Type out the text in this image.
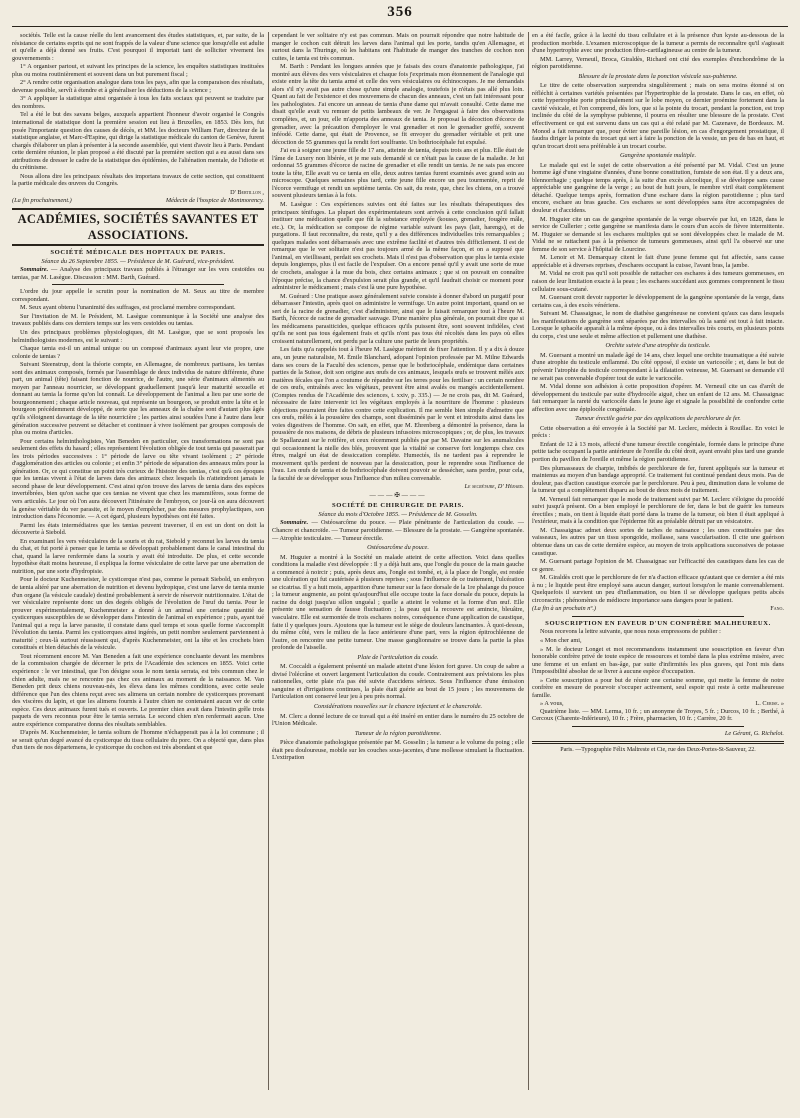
356

sociétés. Telle est la cause réelle du lent avancement des études statistiques, et, par suite, de la résistance de certains esprits qui ne sont frappés de la valeur d'une science que lorsqu'elle est adulte et qu'elle a déjà donné ses fruits. C'est pourquoi il importait tant de solliciter vivement les gouvernements :

1° A organiser partout, et suivant les principes de la science, les enquêtes statistiques instituées plus ou moins routinièrement et souvent dans un but purement fiscal ;

2° A rendre cette organisation analogue dans tous les pays, afin que la comparaison des résultats, devenue possible, servît à étendre et à généraliser les déductions de la science ;

3° A appliquer la statistique ainsi organisée à tous les faits sociaux qui peuvent se traduire par des nombres.

Tel a été le but des savans belges, auxquels appartient l'honneur d'avoir organisé le Congrès international de statistique dont la première session eut lieu à Bruxelles, en 1853. Dès lors, fut posée l'importante question des causes de décès, et MM. les docteurs William Farr, directeur de la statistique anglaise, et Marc-d'Espine, qui dirige la statistique médicale du canton de Genève, furent chargés d'élaborer un plan à présenter à la seconde assemblée, qui vient d'avoir lieu à Paris. Pendant cette dernière réunion, le plan proposé a été discuté par la première section qui a eu aussi dans ses attributions de dresser le cadre de la statistique des épidémies, de l'aliénation mentale, de l'idiotie et du crétinisme.

Nous allons dire les principaux résultats des importans travaux de cette section, qui constituent la partie médicale des œuvres du Congrès.

D' Bertillon ,

(La fin prochainement.)	Médecin de l'hospice de Montmorency.
ACADÉMIES, SOCIÉTÉS SAVANTES ET ASSOCIATIONS.
SOCIÉTÉ MÉDICALE DES HOPITAUX DE PARIS.
Séance du 26 Septembre 1855. — Présidence de M. Guérard, vice-président.

Sommaire. — Analyse des principaux travaux publiés à l'étranger sur les vers cestoïdes ou tænias, par M. Lasègue. Discussion : MM. Barth, Guérard.

L'ordre du jour appelle le scrutin pour la nomination de M. Seux au titre de membre correspondant.

M. Seux ayant obtenu l'unanimité des suffrages, est proclamé membre correspondant.

Sur l'invitation de M. le Président, M. Lasègue communique à la Société une analyse des travaux publiés dans ces derniers temps sur les vers cestoïdes ou tænias.

Un des principaux problèmes physiologiques, dit M. Lasègue, que se sont proposés les helminthologistes modernes, est le suivant :

Chaque tænia est-il un animal unique ou un composé d'animaux ayant leur vie propre, une colonie de tænias ?

Suivant Steenstrup, dont la théorie compte, en Allemagne, de nombreux partisans, les tænias sont des animaux composés, formés par l'assemblage de deux individus de nature différente, d'une part, un animal (tête) faisant fonction de nourrice, de l'autre, une série d'animaux alimentés au moyen par l'anneau nourricier, se développant graduellement jusqu'à leur maturité sexuelle et donnant au tænia la forme qu'on lui connaît. Le développement de l'animal a lieu par une sorte de bourgeonnement ; chaque article nouveau, qui représente un bourgeon, se produit entre la tête et le bourgeon précédemment développé, de sorte que les anneaux de la chaîne sont d'autant plus âgés qu'ils s'éloignent davantage de la tête nourricière ; les parties ainsi soudées l'une à l'autre dans leur génération successive peuvent se détacher et continuer à vivre isolément par groupes composés de plus ou moins d'articles.

Pour certains helminthologistes, Van Beneden en particulier, ces transformations ne sont pas seulement des effets du hasard ; elles représentent l'évolution obligée de tout tænia qui passerait par les trois périodes successives : 1° période de larve ou tête vivant isolément ; 2° période d'agglomération des articles ou colonie ; et enfin 3° période de séparation des anneaux mûrs pour la génération. Or, ce qui constitue un point très curieux de l'histoire des tænias, c'est qu'à ces époques que les tænias vivent à l'état de larves dans des animaux chez lesquels ils n'atteindront jamais le second phase de leur développement. C'est ainsi qu'on trouve des larves de tænia dans des espèces invertébrées, bien qu'on sache que ces tænias ne vivent que chez les mammifères, sous forme de vers articulés. Le jour où l'on aura découvert l'itinéraire de l'embryon, ce jour-là on aura découvert la genèse véritable du ver parasite, et le moyen d'empêcher, par des mesures prophylactiques, son introduction dans l'économie. — A cet égard, plusieurs hypothèses ont été faites.

Parmi les états intermédiaires que les tænias peuvent traverser, il en est un dont on doit la découverte à Siebold.

En examinant les vers vésiculaires de la souris et du rat, Siebold y reconnut les larves du tænia du chat, et fut porté à penser que le tænia se développait probablement dans le canal intestinal du chat, quand la larve renfermée dans la souris y avait été introduite. De plus, et cette seconde hypothèse était moins heureuse, il expliqua la forme vésiculaire de cette larve par une aberration de nutrition, par une sorte d'hydropisie.

Pour le docteur Kuchenmeister, le cysticerque n'est pas, comme le pensait Siebold, un embryon de tænia altéré par une aberration de nutrition et devenu hydropique, c'est une larve de tænia munie d'un organe (la vésicule caudale) destiné probablement à servir de réservoir nutritionnaire. L'état de ver vésiculaire représente donc un des degrés obligés de l'évolution de l'œuf du tænia. Pour le prouver expérimentalement, Kuchenmeister a donné à un animal une certaine quantité de cysticerques susceptibles de se développer dans l'intestin de l'animal en expérience ; puis, ayant tué l'animal qui a reçu la larve parasite, il constate dans quel temps et sous quelle forme s'accomplit l'évolution du tænia. Parmi les cysticerques ainsi ingérés, un petit nombre seulement parviennent à maturité ; ceux-là surtout réussissent qui, d'après Kuchenmeister, ont la tête et les crochets bien constitués et bien détachés de la vésicule.

Tout récemment encore M. Van Beneden a fait une expérience concluante devant les membres de la commission chargée de décerner le prix de l'Académie des sciences en 1855. Voici cette expérience : le ver intestinal, que l'on désigne sous le nom tænia serrata, est très commun chez le chien adulte, mais ne se rencontre pas chez ces animaux au moment de la naissance. M. Van Beneden prit deux chiens nouveau-nés, les éleva dans les mêmes conditions, avec cette seule différence que l'un des chiens reçut avec ses alimens un certain nombre de cysticerques provenant des viscères du lapin, et que les alimens fournis à l'autre chien ne contenaient aucun ver de cette espèce. Ces deux animaux furent tués et ouverts. Le premier chien avait dans l'intestin grêle trois paquets de vers reconnus pour être le tænia serrata. Le second chien n'en renfermait aucun. Une autre expérience comparative donna des résultats semblables.

D'après M. Kuchenmeister, le tænia solium de l'homme n'échapperait pas à la loi commune ; il se serait qu'un degré avancé du cysticerque du tissu cellulaire du porc. On a objecté que, dans plus d'un tiers de nos départemens, le cysticerque du cochon est très abondant et que

cependant le ver solitaire n'y est pas commun. Mais on pourrait répondre que notre habitude de manger le cochon cuit détruit les larves dans l'animal qui les porte, tandis qu'en Allemagne, et surtout dans la Thuringe, où les habitans ont l'habitude de manger des tranches de cochon non cuites, le tænia est très commun.

M. Barth : Pendant les longues années que je faisais des cours d'anatomie pathologique, j'ai montré aux élèves des vers vésiculaires et chaque fois j'exprimais mon étonnement de l'analogie qui existe entre la tête du tænia armé et celle des vers vésiculaires ou échinocoques. Je me demandais alors s'il n'y avait pas autre chose qu'une simple analogie, toutefois je n'étais pas allé plus loin. Quant au fait de l'existence et des mouvemens de chacun des anneaux, c'est un fait intéressant pour les pathologistes. J'ai encore un anneau de tænia d'une dame qui m'avait consulté. Cette dame me disait qu'elle avait vu remuer de petits lambeaux de ver. Je l'engageai à faire des observations complètes, et, un jour, elle m'apporta des anneaux de tænia. Je proposai la décoction d'écorce de grenadier, avec la précaution d'employer le vrai grenadier et non le grenadier greffé, souvent inféodé. Cette dame, qui était de Provence, se fit envoyer du grenadier véritable et prit une décoction de 55 grammes qui la rendit fort soulfrante. Un bothriocéphale fut expulsé.

J'ai eu à soigner une jeune fille de 17 ans, atteinte de tænia, depuis trois ans et plus. Elle était de l'âme de Luxery non libérée, et je me suis demandé si ce n'était pas la cause de la maladie. Je lui ordonnai 55 grammes d'écorce de racine de grenadier et elle rendit un tænia. Je ne sais pas encore toute la tête, Elle avait vu ce tænia en elle, deux autres tænias furent examinés avec grand soin au microscope. Quelques semaines plus tard, cette jeune fille encore un peu tourmentée, reprit de l'écorce vermifuge et rendit un septième tænia. On sait, du reste, que, chez les chiens, on a trouvé souvent plusieurs tænias à la fois.

M. Lasègue : Ces expériences suivies ont été faites sur les résultats thérapeutiques des principaux ténifuges. La plupart des expérimentateurs sont arrivés à cette conclusion qu'il fallait instituer une médication quelle que fût la substance employée (kousso, grenadier, fougère mâle, etc.). Or, la médication se compose de régime variable suivant les pays (lait, harengs), et de purgations. Il faut reconnaître, du reste, qu'il y a des différences individuelles très remarquables ; quelques malades sont débarrassés avec une extrême facilité et d'autres très difficilement. Il est de remarque que le ver solitaire n'est pas toujours armé de la même façon, et on a supposé que l'animal, en vieillissant, perdait ses crochets. Mais il n'est pas d'observation que plus le tænia existe depuis longtemps, plus il est facile de l'expulser. On a encore pensé qu'il y avait une sorte de mue de crochets, analogue à la mue du bois, chez certains animaux ; que si on pouvait en connaître l'époque précise, la chance d'expulsion serait plus grande, et qu'il faudrait choisir ce moment pour administrer le médicament ; mais c'est là une pure hypothèse.

M. Guérard : Une pratique assez généralement suivie consiste à donner d'abord un purgatif pour débarrasser l'intestin, après quoi on administre le vermifuge. Un autre point important, quand on se sert de la racine de grenadier, c'est d'administrer, ainsi que le faisait remarquer tout à l'heure M. Barth, l'écorce de racine de grenadier sauvage. D'une manière plus générale, on pourrait dire que si les médicamens parasiticides, quelque efficaces qu'ils puissent être, sont souvent infidèles, c'est qu'ils ne sont pas tous également frais et qu'ils n'ont pas tous été récoltés dans les pays où elles croissent naturellement, ont perdu par la culture une partie de leurs propriétés.

Les faits qu'a rappelés tout à l'heure M. Lasègue méritent de fixer l'attention. Il y a dix à douze ans, un jeune naturaliste, M. Émile Blanchard, adopant l'opinion professée par M. Milne Edwards dans ses cours de la Faculté des sciences, pense que le bothriocéphale, endémique dans certaines parties de la Suisse, doit son origine aux œufs de ces animaux, lesquels œufs se trouvent mêlés aux matières fécales que l'on a coutume de répandre sur les terres pour les fertiliser : un certain nombre de ces œufs, entraînés avec les végétaux, peuvent être ainsi avalés ou mangés accidentellement. (Comptes rendus de l'Académie des sciences, t. xxiv, p. 335.) — Je ne crois pas, dit M. Guérard, nécessaire de faire intervenir ici les végétaux employés à la nourriture de l'homme : plusieurs objections pourraient être faites contre cette explication. Il me semble bien simple d'admettre que ces œufs, mêlés à la poussière des champs, sont disséminés par le vent et introduits ainsi dans les voies digestives de l'homme. On sait, en effet, que M. Ehrenberg a démontré la présence, dans la poussière de nos maisons, de débris de plusieurs infusoires microscopiques ; or, de plus, les travaux de Spallanzani sur le rotifère, et ceux récemment publiés par par M. Davaine sur les anumalcules qui occasionnent la nielle des blés, prouvent que la vitalité se conserve fort longtemps chez ces êtres, malgré un état de dessiccation complète. Humectés, ils ne tardent pas à reprendre le mouvement qu'ils perdent de nouveau par la dessiccation, pour le reprendre sous l'influence de l'eau. Les œufs de tænia et de bothriocéphale doivent pouvoir se dessécher, sans perdre, pour cela, la faculté de se développer sous l'influence d'un milieu convenable.

Le secrétaire, D' Hérard.

———✠———
SOCIÉTÉ DE CHIRURGIE DE PARIS.
Séance du mois d'Octobre 1855. — Présidence de M. Gosselin.

Sommaire. — Ostéosarcôme du pouce. — Plaie pénétrante de l'articulation du coude. — Chancre et chancroïde. — Tumeur parotidienne. — Blessure de la prostate. — Gangrène spontanée. — Atrophie testiculaire. — Tumeur érectile.

Ostéosarcôme du pouce.

M. Huguier a montré à la Société un malade atteint de cette affection. Voici dans quelles conditions la maladie s'est développée : Il y a déjà huit ans, que l'ongle du pouce de la main gauche a commencé à noircir ; puis, après deux ans, l'ongle est tombé, et, à la place de l'ongle, est restée une ulcération qui fut cautérisée à plusieurs reprises ; sous l'influence de ce traitement, l'ulcération se cicatrisa. Il y a huit mois, apparition d'une tumeur sur la face dorsale de la 1re phalange du pouce ; la tumeur augmente, au point qu'aujourd'hui elle occupe toute la face dorsale du pouce, depuis la racine du doigt jusqu'au sillon unguéal ; quelle a atteint le volume et la forme d'un œuf. Elle présente une sensation de fausse fluctuation ; la peau qui la recouvre est amincie, bleuâtre, vasculaire. Elle est surmontée de trois eschares noires, conséquence d'une application de caustique, faite il y quelques jours. Ajoutons que la tumeur est le siège de douleurs lancinantes. À quoi-dessus, du même côté, vers le milieu de la face antérieure d'une part, vers la région épitrochléenne de l'autre, on rencontre une petite tumeur. Une masse ganglionnaire se trouve dans la partie la plus profonde de l'aisselle.

Plaie de l'articulation du coude.

M. Coccaldi a également présenté un malade atteint d'une lésion fort grave. Un coup de sabre a divisé l'olécrâne et ouvert largement l'articulation du coude. Contrairement aux prévisions les plus rationnelles, cette plaie n'a pas été suivie d'accidens sérieux. Sous l'influence d'une émission sanguine et d'irrigations continues, la plaie était guérie au bout de 15 jours ; les mouvemens de l'articulation ont conservé leur jeu à peu près normal.

Considérations nouvelles sur le chancre infectant et le chancroïde.

M. Clerc a donné lecture de ce travail qui a été inséré en entier dans le numéro du 25 octobre de l'Union Médicale.

Tumeur de la région parotidienne.

Pièce d'anatomie pathologique présentée par M. Gosselin ; la tumeur a le volume du poing ; elle était peu douloureuse, mobile sur les couches sous-jacentes, d'une mollesse simulant la fluctuation. L'extirpation

en a été facile, grâce à la laxité du tissu cellulaire et à la présence d'un kyste au-dessous de la production morbide. L'examen microscopique de la tumeur a permis de reconnaître qu'il s'agissait d'une hypertrophie avec une production fibro-cartilagineuse au centre de la tumeur.

MM. Larrey, Verneuil, Broca, Giraldès, Richard ont cité des exemples d'enchondrôme de la région parotidienne.

Blessure de la prostate dans la ponction vésicale sus-pubienne.

Le titre de cette observation surprendra singulièrement ; mais on sera moins étonné si on réfléchit à certaines variétés présentées par l'hypertrophie de la prostate. Dans le cas, en effet, où cette hypertrophie porte principalement sur le lobe moyen, ce dernier proémine fortement dans la cavité vésicale, et l'on comprend, dès lors, que si la pointe du trocart, pendant la ponction, est trop inclinée du côté de la symphyse pubienne, il pourra en résulter une blessure de la prostate. C'est effectivement ce qui est survenu dans un cas qui a été relaté par M. Cazenave, de Bordeaux. M. Monod a fait remarquer que, pour éviter une pareille lésion, en cas d'engorgement prostatique, il faudra diriger la pointe du trocart qui sert à faire la ponction de la vessie, un peu de bas en haut, et qu'un trocart droit sera préférable à un trocart courbe.

Gangrène spontanée multiple.

Le malade qui est le sujet de cette observation a été présenté par M. Vidal. C'est un jeune homme âgé d'une vingtaine d'années, d'une bonne constitution, fumiste de son état. Il y a deux ans, blennorrhagie ; quelque temps après, à la suite d'un excès alcoolique, il se développe sans cause appréciable une gangrène de la verge ; au bout de huit jours, le membre viril était complètement détaché. Quelque temps après, formation d'une eschare dans la région parotidienne ; plus tard encore, eschare au bras gauche. Ces eschares se sont développées sans être accompagnées de douleur et d'accidens.

M. Huguier cite un cas de gangrène spontanée de la verge observée par lui, en 1828, dans le service de Cullerier ; cette gangrène se manifesta dans le cours d'un accès de fièvre intermittente. M. Huguier se demande si les eschares multiples qui se sont développées chez le malade de M. Vidal ne se rattachent pas à la présence de tumeurs gommeuses, ainsi qu'il l'a observé sur une femme de son service à l'hôpital de Lourcine.

M. Lenoir et M. Demarquay citent le fait d'une jeune femme qui fut affectée, sans cause appréciable et à diverses reprises, d'eschares occupant la cuisse, l'avant bras, la jambe.

M. Vidal ne croit pas qu'il soit possible de rattacher ces eschares à des tumeurs gommeuses, en raison de leur limitation exacte à la peau ; les eschares succédant aux gommes comprennent le tissu cellulaire sous-cutané.

M. Guersant croit devoir rapporter le développement de la gangrène spontanée de la verge, dans certains cas, à des excès vénériens.

Suivant M. Chassaignac, le nom de diathèse gangréneuse ne convient qu'aux cas dans lesquels les manifestations de gangrène sont séparées par des intervalles où la santé est tout à fait intacte. Lorsque le sphacèle apparaît à la même époque, ou à des intervalles très courts, en plusieurs points du corps, c'est une seule et même affection et pullement une diathèse.

Orchite suivie d'une atrophie du testicule.

M. Guersant a montré un malade âgé de 14 ans, chez lequel une orchite traumatique a été suivie d'une atrophie du testicule enflammé. Du côté opposé, il existe un varicocèle ; et, dans le but de prévenir l'atrophie du testicule correspondant à la dilatation veineuse, M. Guersant se demande s'il ne serait pas convenable d'opérer tout de suite le varicocèle.

M. Vidal donne son adhésion à cette proposition d'opérer. M. Verneuil cite un cas d'arrêt de développement du testicule par suite d'hydrocèle aiguë, chez un enfant de 12 ans. M. Chassaignac fait remarquer la rareté du varicocèle dans le jeune âge et signale la possibilité de confondre cette affection avec une épiplocèle congéniale.

Tumeur érectile guérie par des applications de perchlorure de fer.

Cette observation a été envoyée à la Société par M. Leclerc, médecin à Rouillac. En voici le précis :

Enfant de 12 à 13 mois, affecté d'une tumeur érectile congéniale, formée dans le principe d'une petite tache occupant la partie antérieure de l'oreille du côté droit, ayant envahi plus tard une grande portion du pavillon de l'oreille et même la région parotidienne.

Des plumasseaux de charpie, imbibés de perchlorure de fer, furent appliqués sur la tumeur et maintenus au moyen d'un bandage approprié. Ce traitement fut continué pendant deux mois. Pas de douleur, pas d'action caustique exercée par le perchlorure. Peu à peu, diminution dans le volume de la tumeur qui a complètement disparu au bout de deux mois de traitement.

M. Verneuil fait remarquer que le mode de traitement suivi par M. Leclerc s'éloigne du procédé suivi jusqu'à présent. On a bien employé le perchlorure de fer, dans le but de guérir les tumeurs érectiles ; mais, on tient à liquide était porté dans la trame de la tumeur, où bien il était appliqué à l'extérieur, mais à la condition que l'épiderme fût au préalable détruit par un vésicatoire.

M. Chassaignac admet deux sortes de taches de naissance ; les unes constituées par des vaisseaux, les autres par un tissu spongoïde, mollasse, sans vascularisation. Il cite une guérison obtenue dans un cas de cette dernière espèce, au moyen de trois applications successives de potasse caustique.

M. Guersant partage l'opinion de M. Chassaignac sur l'efficacité des caustiques dans les cas de ce genre.

M. Giraldès croit que le perchlorure de fer n'a d'action efficace qu'autant que ce dernier a été mis à nu ; le liquide peut être employé sans aucun danger, surtout lorsqu'on le manie convenablement. Quelquefois il survient un peu d'inflammation, ou bien il se développe quelques petits abcès circonscrits ; phénomènes de médiocre importance sans dangers pour le patient.

(La fin à un prochain nº.)	Fano.
SOUSCRIPTION EN FAVEUR D'UN CONFRÈRE MALHEUREUX.

Nous recevons la lettre suivante, que nous nous empressons de publier :

« Mon cher ami,

» M. le docteur Longet et moi recommandons instamment une souscription en faveur d'un honorable confrère privé de toute espèce de ressources et tombé dans la plus extrême misère, avec une femme et un enfant en bas-âge, par suite d'infirmités les plus graves, qui l'ont mis dans l'impossibilité absolue de se livrer à aucune espèce d'occupation.

» Cette souscription a pour but de réunir une certaine somme, qui mette la femme de notre confrère en mesure de pourvoir s'occuper activement, seul espoir qui reste à cette malheureuse famille.

» A vous,	L. Cerise. »

Quatrième liste. — MM. Lerma, 10 fr. ; un anonyme de Troyes, 5 fr. ; Durcos, 10 fr. ; Berthé, à Cercoux (Charente-Inférieure), 10 fr. ; Frère, pharmacien, 10 fr. ; Carrère, 20 fr.

Le Gérant, G. Richelot.
Paris. —Typographie Félix Maltreste et Cie, rue des Deux-Portes-St-Sauveur, 22.
